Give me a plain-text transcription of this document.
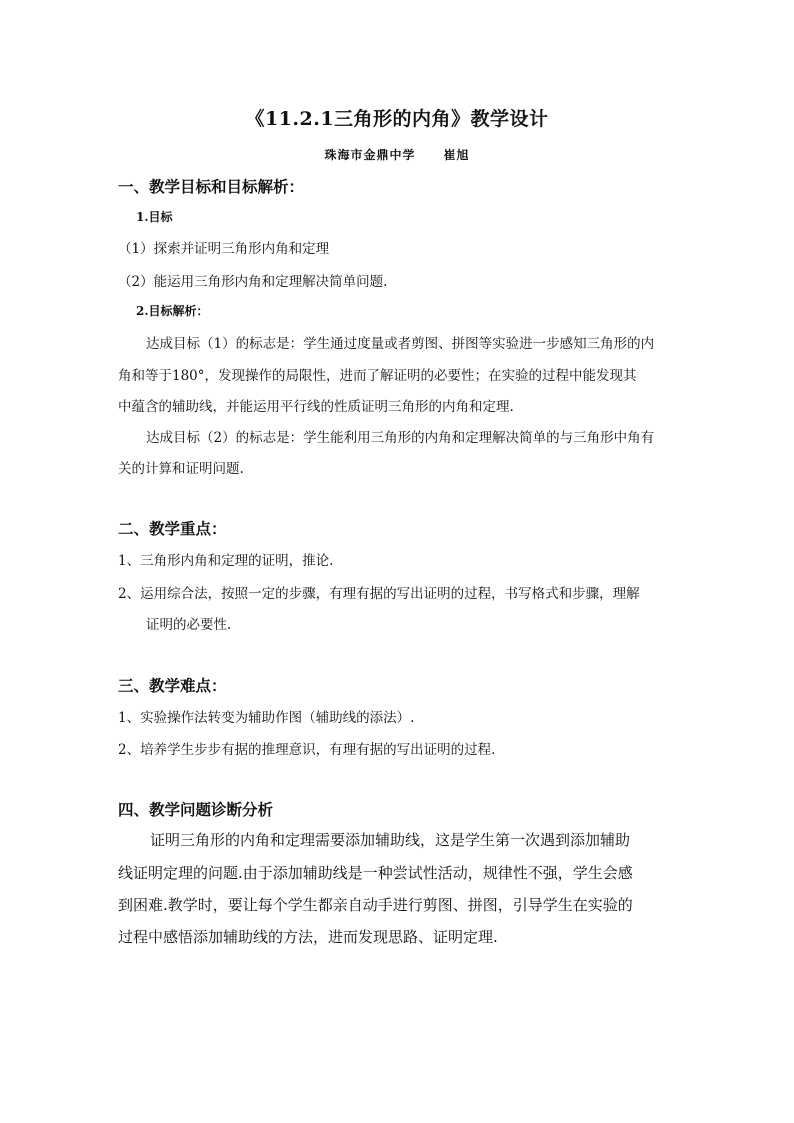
《11.2.1三角形的内角》教学设计
珠海市金鼎中学 崔旭
一、教学目标和目标解析：
1.目标
（1）探索并证明三角形内角和定理
（2）能运用三角形内角和定理解决简单问题.
2.目标解析：
达成目标（1）的标志是：学生通过度量或者剪图、拼图等实验进一步感知三角形的内
角和等于180°，发现操作的局限性，进而了解证明的必要性；在实验的过程中能发现其
中蕴含的辅助线，并能运用平行线的性质证明三角形的内角和定理.
达成目标（2）的标志是：学生能利用三角形的内角和定理解决简单的与三角形中角有
关的计算和证明问题.
二、教学重点：
1、三角形内角和定理的证明，推论.
2、运用综合法，按照一定的步骤，有理有据的写出证明的过程，书写格式和步骤，理解
证明的必要性.
三、教学难点：
1、实验操作法转变为辅助作图（辅助线的添法）.
2、培养学生步步有据的推理意识，有理有据的写出证明的过程.
四、教学问题诊断分析
证明三角形的内角和定理需要添加辅助线，这是学生第一次遇到添加辅助
线证明定理的问题.由于添加辅助线是一种尝试性活动，规律性不强，学生会感
到困难.教学时，要让每个学生都亲自动手进行剪图、拼图，引导学生在实验的
过程中感悟添加辅助线的方法，进而发现思路、证明定理.
